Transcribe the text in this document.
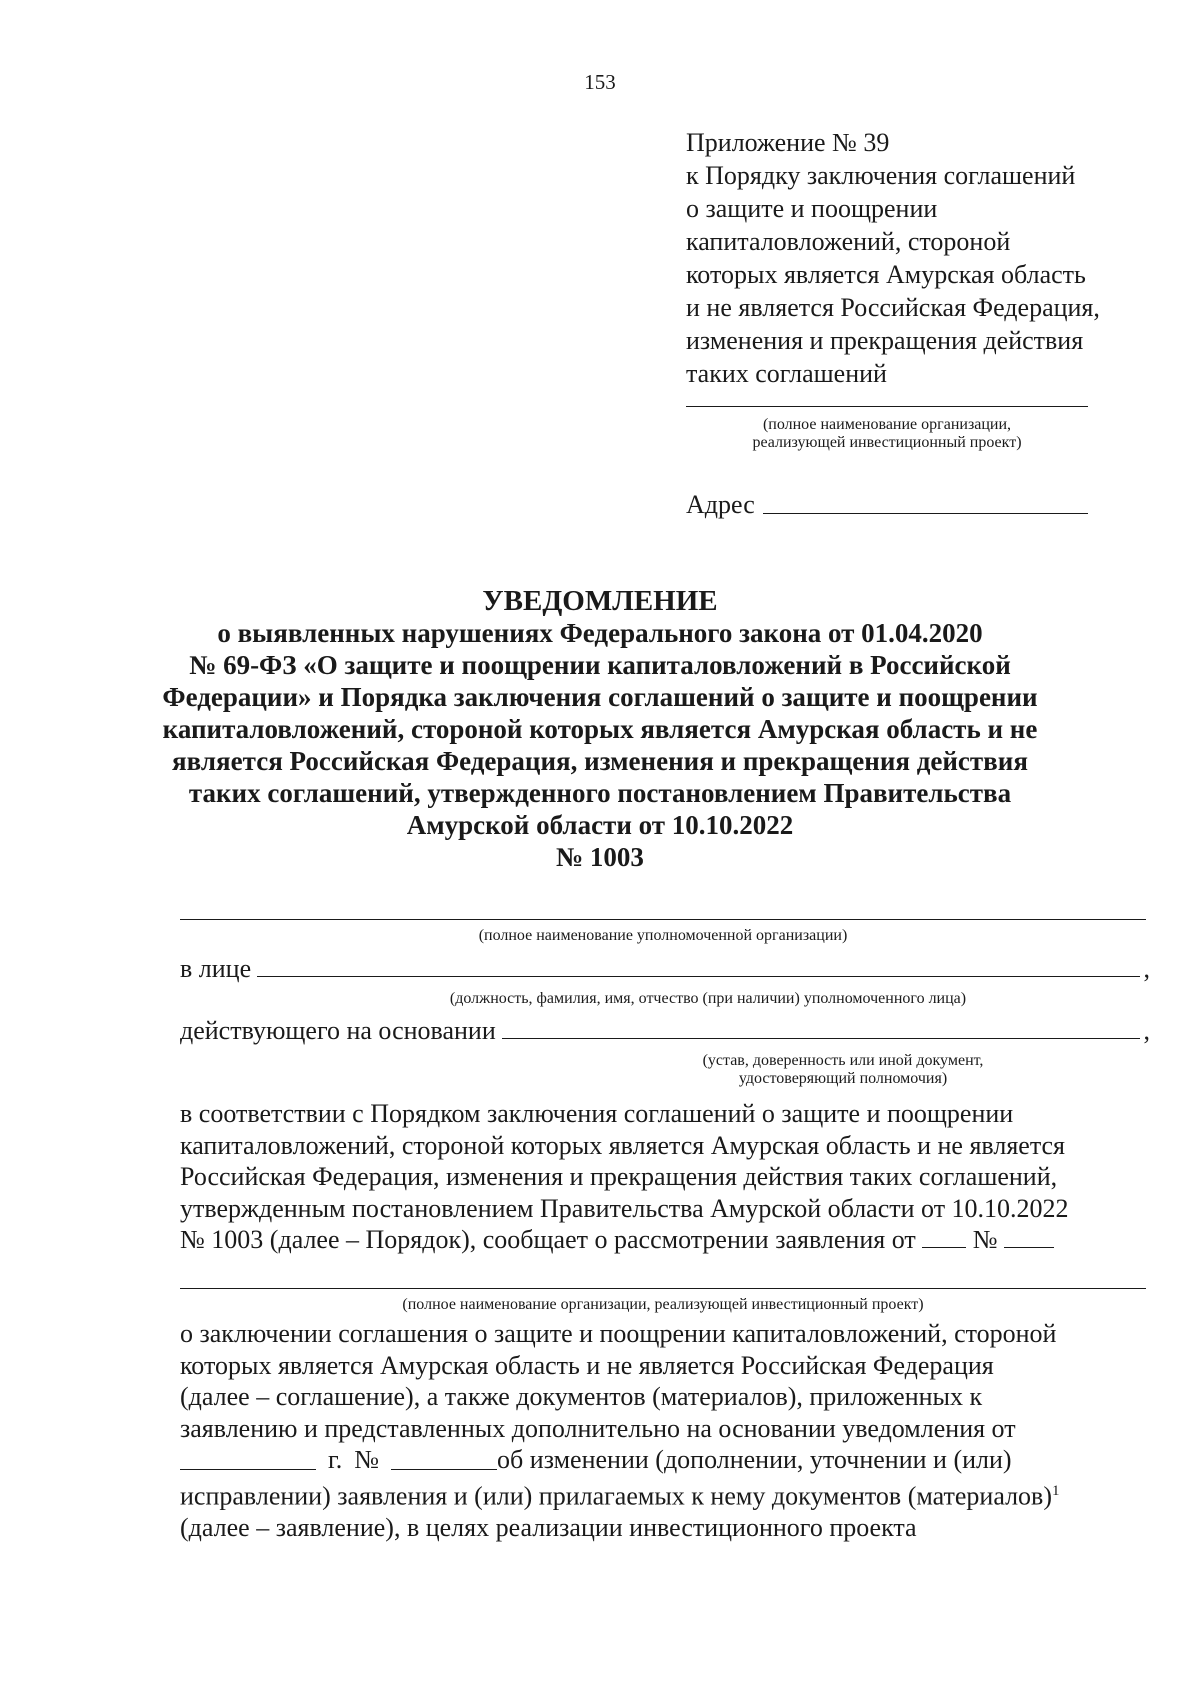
153
Приложение № 39
к Порядку заключения соглашений
о защите и поощрении
капиталовложений, стороной
которых является Амурская область
и не является Российская Федерация,
изменения и прекращения действия
таких соглашений
(полное наименование организации,
реализующей инвестиционный проект)
Адрес
УВЕДОМЛЕНИЕ
о выявленных нарушениях Федерального закона от 01.04.2020
№ 69-ФЗ «О защите и поощрении капиталовложений в Российской
Федерации» и Порядка заключения соглашений о защите и поощрении
капиталовложений, стороной которых является Амурская область и не
является Российская Федерация, изменения и прекращения действия
таких соглашений, утвержденного постановлением Правительства
Амурской области от 10.10.2022
№ 1003
(полное наименование уполномоченной организации)
в лице	,
(должность, фамилия, имя, отчество (при наличии) уполномоченного лица)
действующего на основании	,
(устав, доверенность или иной документ,
удостоверяющий полномочия)
в соответствии с Порядком заключения соглашений о защите и поощрении
капиталовложений, стороной которых является Амурская область и не является
Российская Федерация, изменения и прекращения действия таких соглашений,
утвержденным постановлением Правительства Амурской области от 10.10.2022
№ 1003 (далее – Порядок), сообщает о рассмотрении заявления от №
(полное наименование организации, реализующей инвестиционный проект)
о заключении соглашения о защите и поощрении капиталовложений, стороной
которых является Амурская область и не является Российская Федерация
(далее – соглашение), а также документов (материалов), приложенных к
заявлению и представленных дополнительно на основании уведомления от
г. №	об изменении (дополнении, уточнении и (или)
исправлении) заявления и (или) прилагаемых к нему документов (материалов)$^1$
(далее – заявление), в целях реализации инвестиционного проекта
